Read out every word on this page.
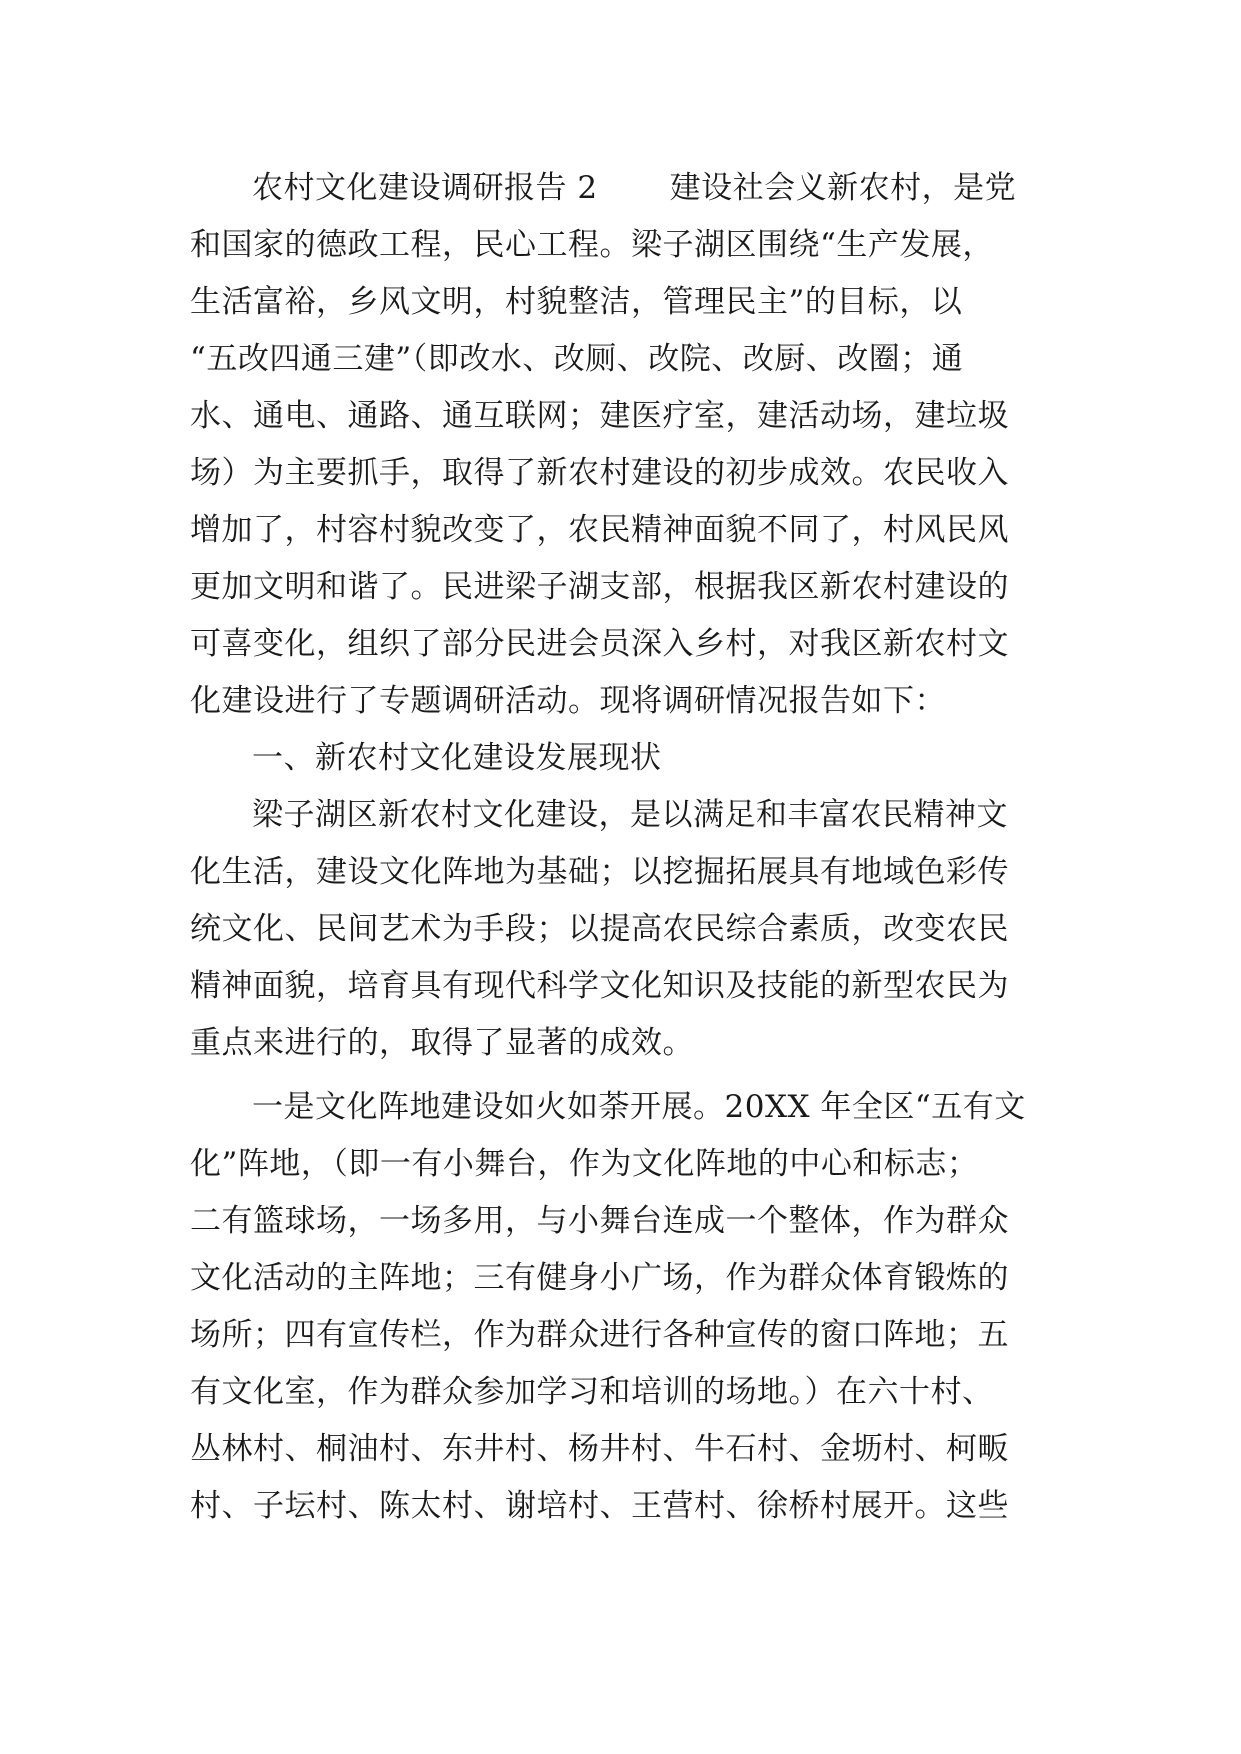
农村文化建设调研报告 2 建设社会义新农村，是党
和国家的德政工程，民心工程。梁子湖区围绕“生产发展，
生活富裕，乡风文明，村貌整洁，管理民主”的目标，以
“五改四通三建”（即改水、改厕、改院、改厨、改圈；通
水、通电、通路、通互联网；建医疗室，建活动场，建垃圾
场）为主要抓手，取得了新农村建设的初步成效。农民收入
增加了，村容村貌改变了，农民精神面貌不同了，村风民风
更加文明和谐了。民进梁子湖支部，根据我区新农村建设的
可喜变化，组织了部分民进会员深入乡村，对我区新农村文
化建设进行了专题调研活动。现将调研情况报告如下：
一、新农村文化建设发展现状
梁子湖区新农村文化建设，是以满足和丰富农民精神文
化生活，建设文化阵地为基础；以挖掘拓展具有地域色彩传
统文化、民间艺术为手段；以提高农民综合素质，改变农民
精神面貌，培育具有现代科学文化知识及技能的新型农民为
重点来进行的，取得了显著的成效。
一是文化阵地建设如火如荼开展。20XX 年全区“五有文
化”阵地，（即一有小舞台，作为文化阵地的中心和标志；
二有篮球场，一场多用，与小舞台连成一个整体，作为群众
文化活动的主阵地；三有健身小广场，作为群众体育锻炼的
场所；四有宣传栏，作为群众进行各种宣传的窗口阵地；五
有文化室，作为群众参加学习和培训的场地。）在六十村、
丛林村、桐油村、东井村、杨井村、牛石村、金坜村、柯畈
村、子坛村、陈太村、谢培村、王营村、徐桥村展开。这些
